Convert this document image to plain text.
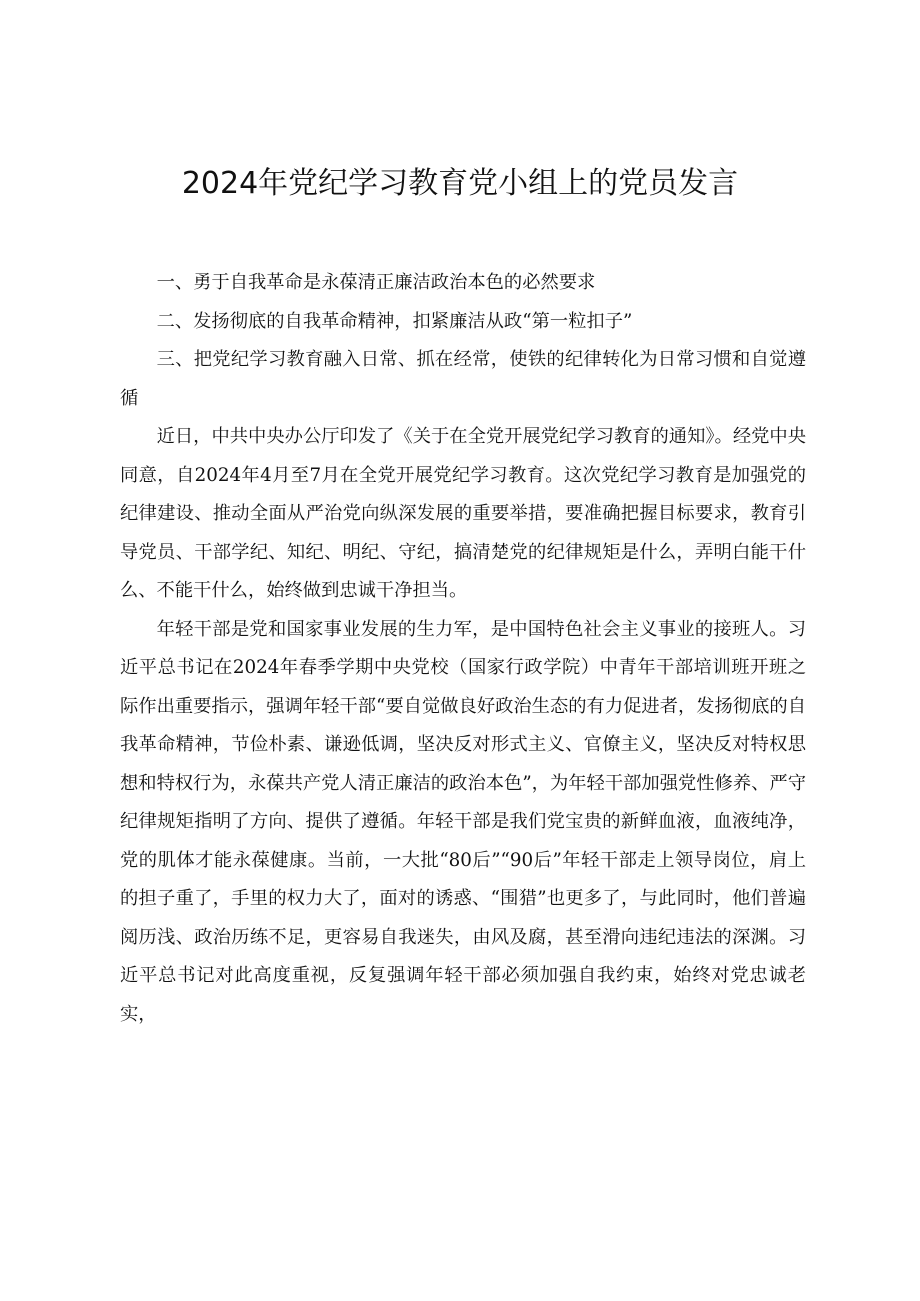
2024年党纪学习教育党小组上的党员发言

一、勇于自我革命是永葆清正廉洁政治本色的必然要求

二、发扬彻底的自我革命精神，扣紧廉洁从政“第一粒扣子”

三、把党纪学习教育融入日常、抓在经常，使铁的纪律转化为日常习惯和自觉遵循

近日，中共中央办公厅印发了《关于在全党开展党纪学习教育的通知》。经党中央同意，自2024年4月至7月在全党开展党纪学习教育。这次党纪学习教育是加强党的纪律建设、推动全面从严治党向纵深发展的重要举措，要准确把握目标要求，教育引导党员、干部学纪、知纪、明纪、守纪，搞清楚党的纪律规矩是什么，弄明白能干什么、不能干什么，始终做到忠诚干净担当。

年轻干部是党和国家事业发展的生力军，是中国特色社会主义事业的接班人。习近平总书记在2024年春季学期中央党校（国家行政学院）中青年干部培训班开班之际作出重要指示，强调年轻干部“要自觉做良好政治生态的有力促进者，发扬彻底的自我革命精神，节俭朴素、谦逊低调，坚决反对形式主义、官僚主义，坚决反对特权思想和特权行为，永葆共产党人清正廉洁的政治本色”，为年轻干部加强党性修养、严守纪律规矩指明了方向、提供了遵循。年轻干部是我们党宝贵的新鲜血液，血液纯净，党的肌体才能永葆健康。当前，一大批“80后”“90后”年轻干部走上领导岗位，肩上的担子重了，手里的权力大了，面对的诱惑、“围猎”也更多了，与此同时，他们普遍阅历浅、政治历练不足，更容易自我迷失，由风及腐，甚至滑向违纪违法的深渊。习近平总书记对此高度重视，反复强调年轻干部必须加强自我约束，始终对党忠诚老实，
